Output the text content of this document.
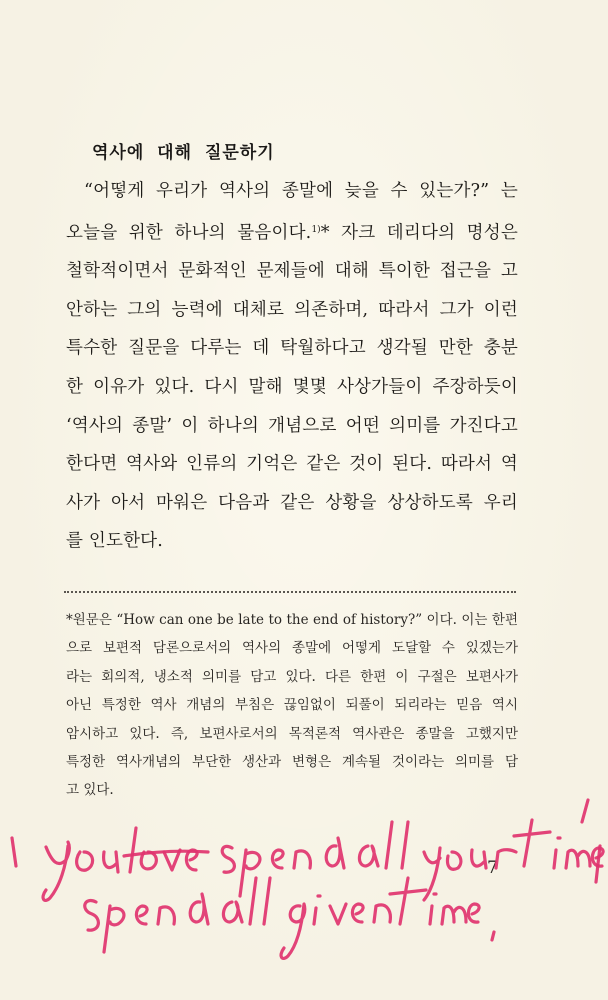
역사에 대해 질문하기
“어떻게 우리가 역사의 종말에 늦을 수 있는가?” 는
오늘을 위한 하나의 물음이다.$^{1)}$* 자크 데리다의 명성은
철학적이면서 문화적인 문제들에 대해 특이한 접근을 고
안하는 그의 능력에 대체로 의존하며, 따라서 그가 이런
특수한 질문을 다루는 데 탁월하다고 생각될 만한 충분
한 이유가 있다. 다시 말해 몇몇 사상가들이 주장하듯이
‘역사의 종말’ 이 하나의 개념으로 어떤 의미를 가진다고
한다면 역사와 인류의 기억은 같은 것이 된다. 따라서 역
사가 아서 마워은 다음과 같은 상황을 상상하도록 우리
를 인도한다.
*원문은 “How can one be late to the end of history?” 이다. 이는 한편
으로 보편적 담론으로서의 역사의 종말에 어떻게 도달할 수 있겠는가
라는 회의적, 냉소적 의미를 담고 있다. 다른 한편 이 구절은 보편사가
아닌 특정한 역사 개념의 부침은 끊임없이 되풀이 되리라는 믿음 역시
암시하고 있다. 즉, 보편사로서의 목적론적 역사관은 종말을 고했지만
특정한 역사개념의 부단한 생산과 변형은 계속될 것이라는 의미를 담
고 있다.
7
